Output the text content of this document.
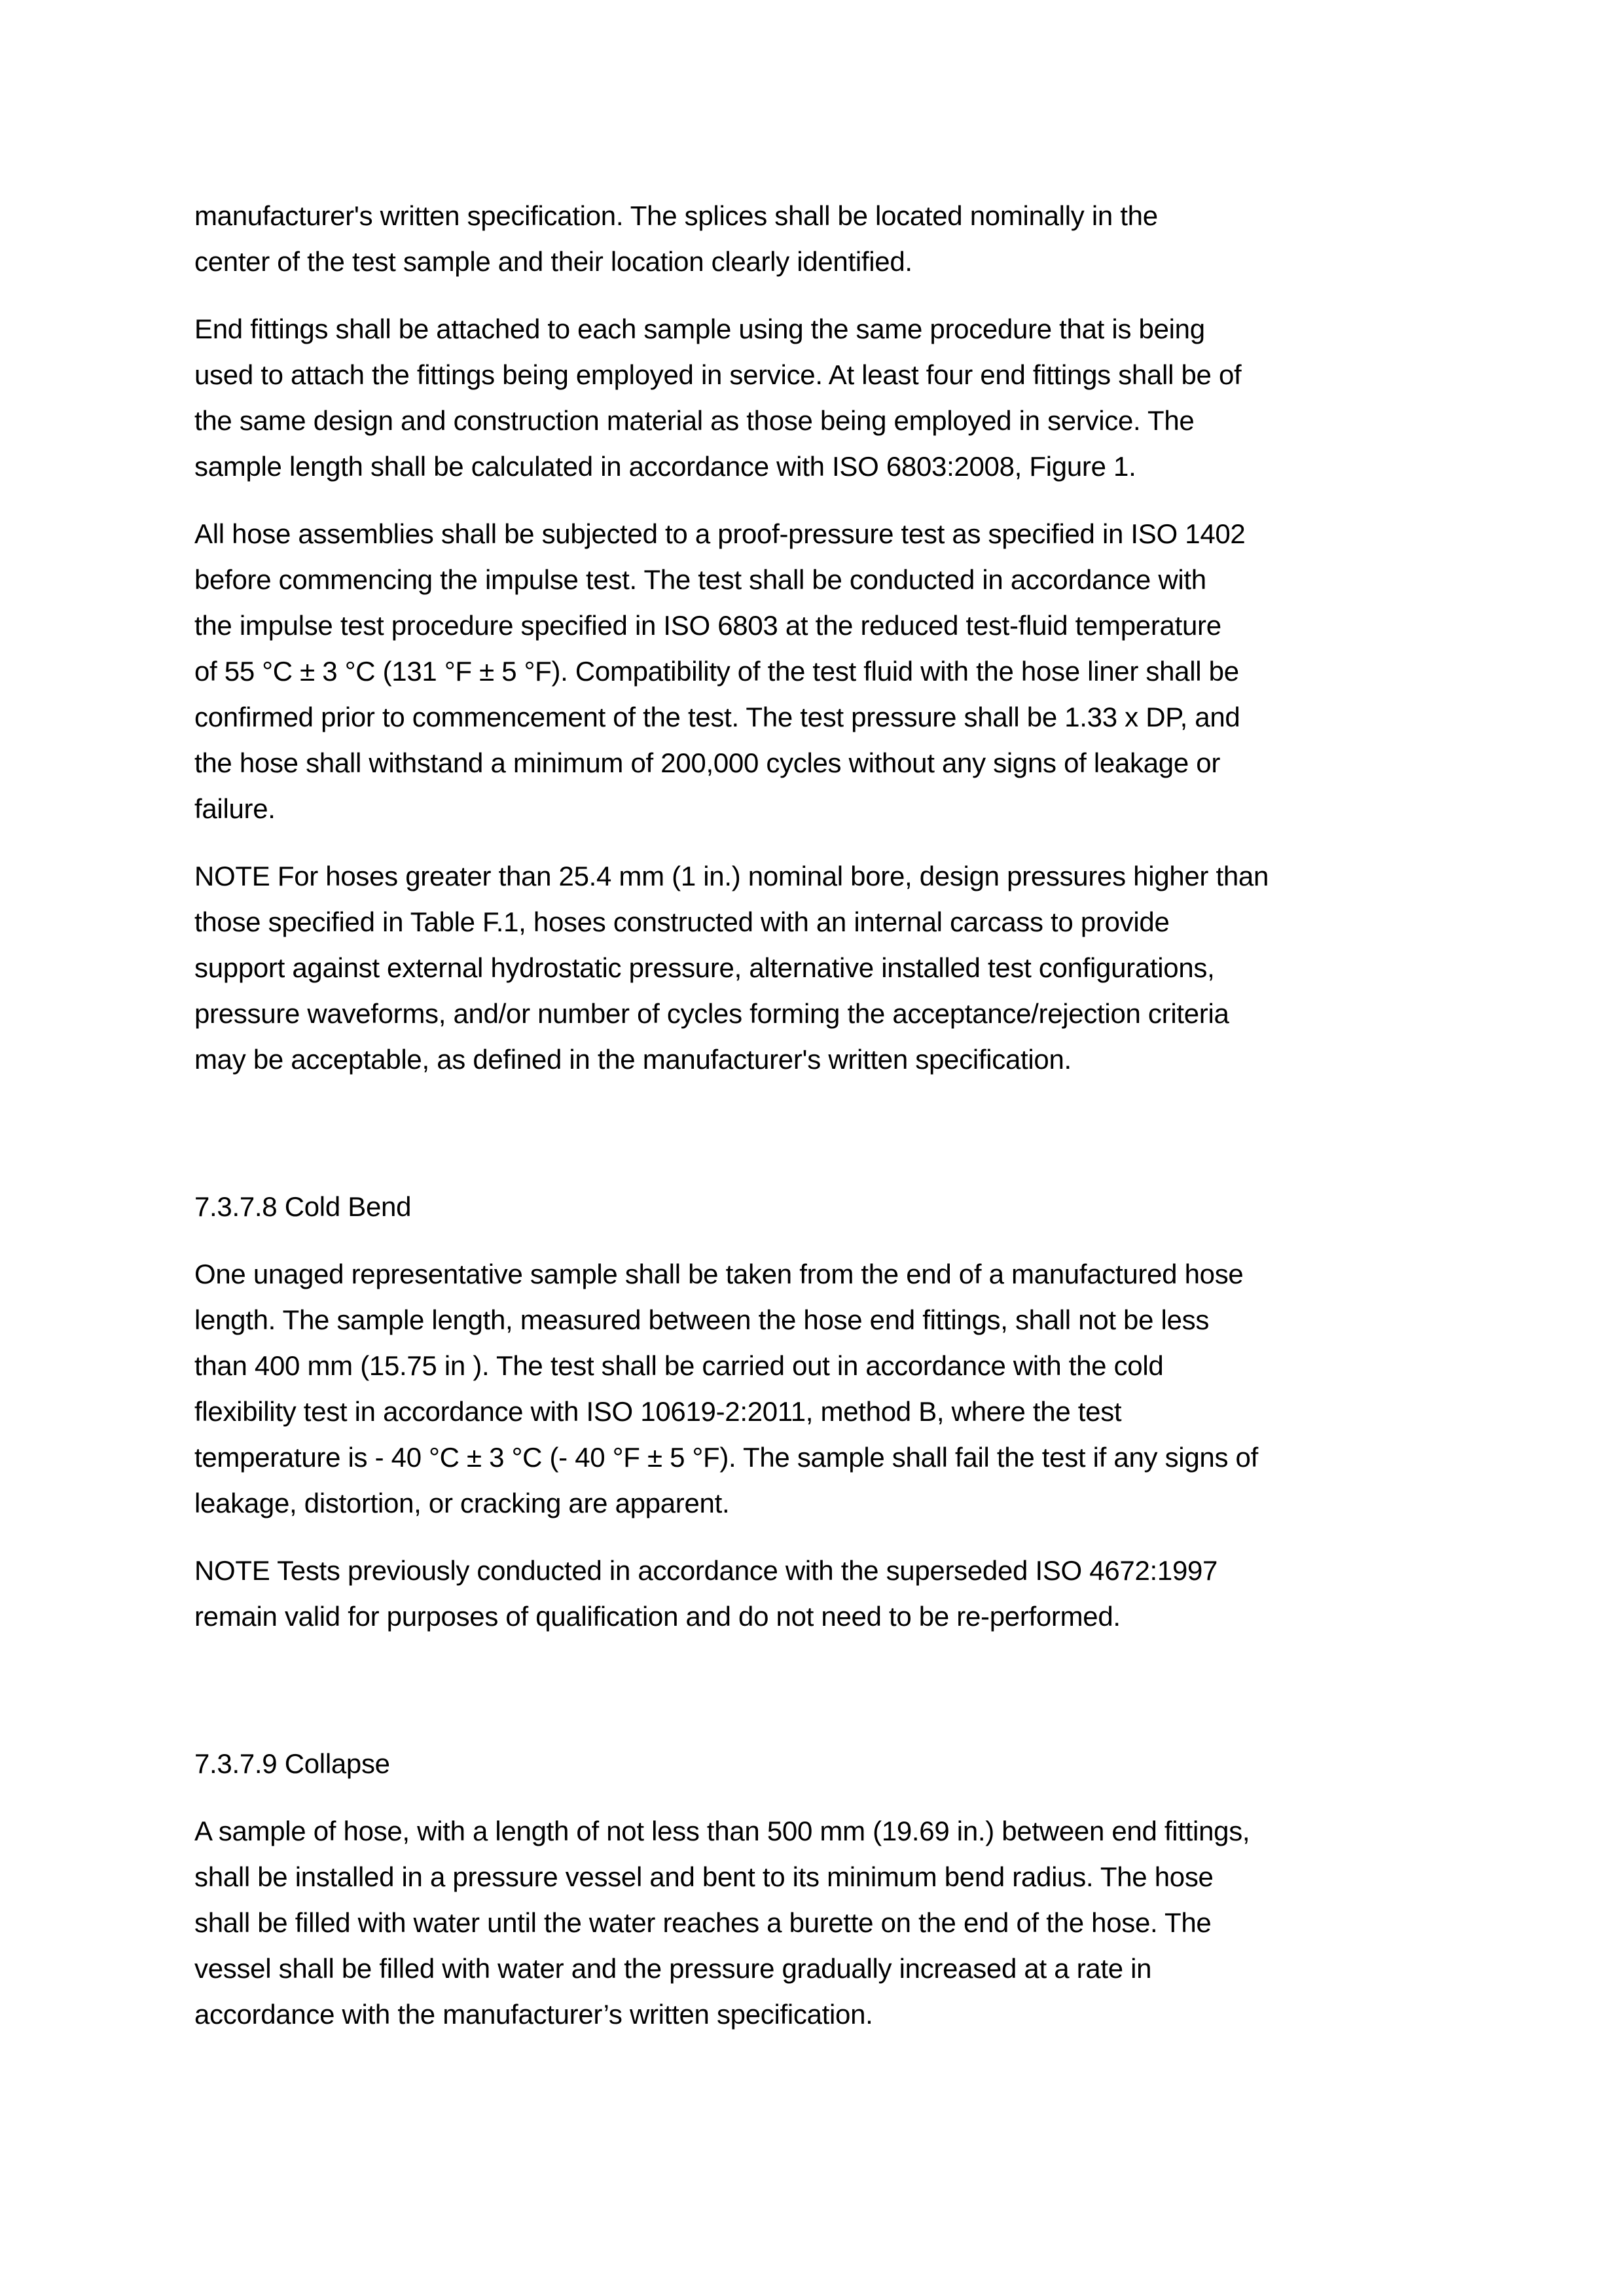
manufacturer's written specification. The splices shall be located nominally in the
center of the test sample and their location clearly identified.
End fittings shall be attached to each sample using the same procedure that is being
used to attach the fittings being employed in service. At least four end fittings shall be of
the same design and construction material as those being employed in service. The
sample length shall be calculated in accordance with ISO 6803:2008, Figure 1.
All hose assemblies shall be subjected to a proof-pressure test as specified in ISO 1402
before commencing the impulse test. The test shall be conducted in accordance with
the impulse test procedure specified in ISO 6803 at the reduced test-fluid temperature
of 55 °C ± 3 °C (131 °F ± 5 °F). Compatibility of the test fluid with the hose liner shall be
confirmed prior to commencement of the test. The test pressure shall be 1.33 x DP, and
the hose shall withstand a minimum of 200,000 cycles without any signs of leakage or
failure.
NOTE For hoses greater than 25.4 mm (1 in.) nominal bore, design pressures higher than
those specified in Table F.1, hoses constructed with an internal carcass to provide
support against external hydrostatic pressure, alternative installed test configurations,
pressure waveforms, and/or number of cycles forming the acceptance/rejection criteria
may be acceptable, as defined in the manufacturer's written specification.
7.3.7.8 Cold Bend
One unaged representative sample shall be taken from the end of a manufactured hose
length. The sample length, measured between the hose end fittings, shall not be less
than 400 mm (15.75 in ). The test shall be carried out in accordance with the cold
flexibility test in accordance with ISO 10619-2:2011, method B, where the test
temperature is - 40 °C ± 3 °C (- 40 °F ± 5 °F). The sample shall fail the test if any signs of
leakage, distortion, or cracking are apparent.
NOTE Tests previously conducted in accordance with the superseded ISO 4672:1997
remain valid for purposes of qualification and do not need to be re-performed.
7.3.7.9 Collapse
A sample of hose, with a length of not less than 500 mm (19.69 in.) between end fittings,
shall be installed in a pressure vessel and bent to its minimum bend radius. The hose
shall be filled with water until the water reaches a burette on the end of the hose. The
vessel shall be filled with water and the pressure gradually increased at a rate in
accordance with the manufacturer’s written specification.
